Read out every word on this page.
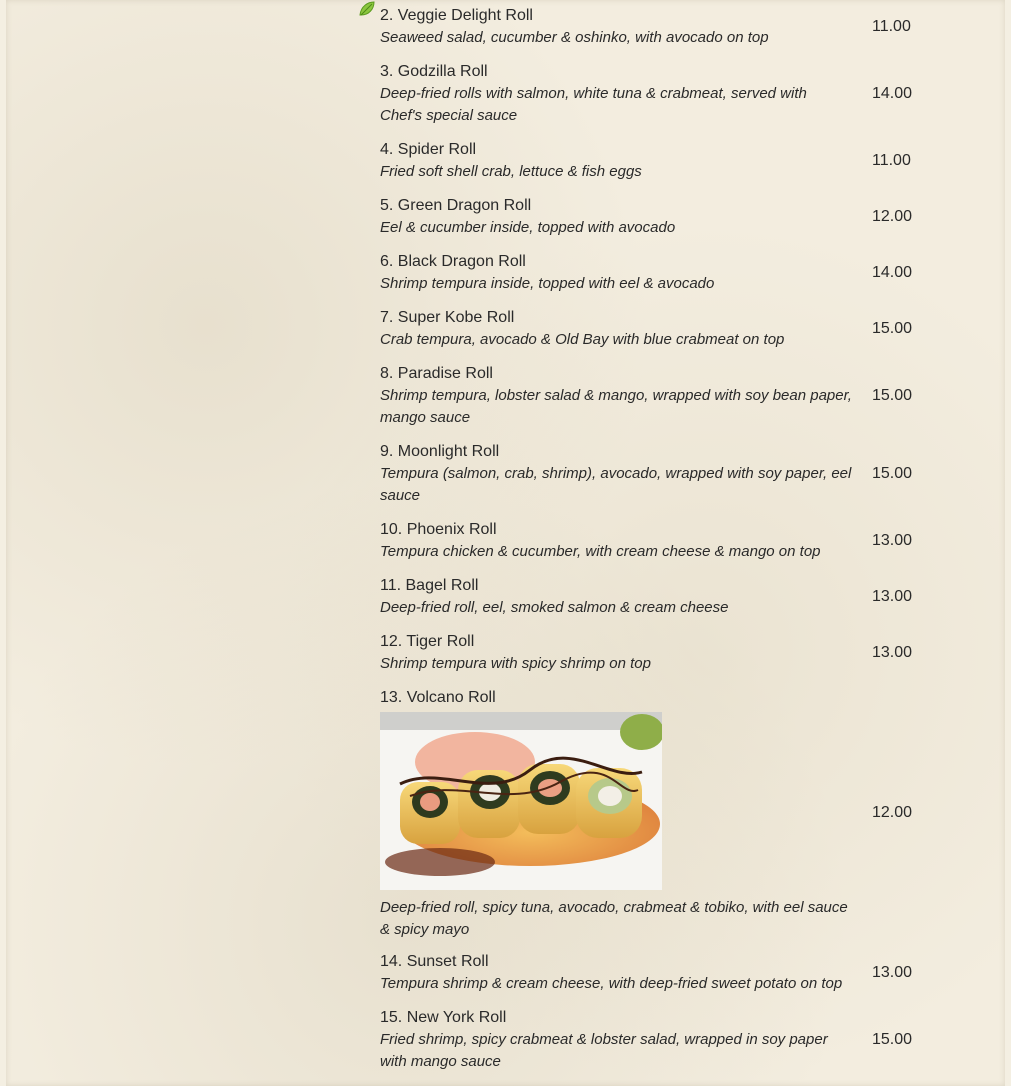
2. Veggie Delight Roll
Seaweed salad, cucumber & oshinko, with avocado on top
11.00
3. Godzilla Roll
Deep-fried rolls with salmon, white tuna & crabmeat, served with Chef's special sauce
14.00
4. Spider Roll
Fried soft shell crab, lettuce & fish eggs
11.00
5. Green Dragon Roll
Eel & cucumber inside, topped with avocado
12.00
6. Black Dragon Roll
Shrimp tempura inside, topped with eel & avocado
14.00
7. Super Kobe Roll
Crab tempura, avocado & Old Bay with blue crabmeat on top
15.00
8. Paradise Roll
Shrimp tempura, lobster salad & mango, wrapped with soy bean paper, mango sauce
15.00
9. Moonlight Roll
Tempura (salmon, crab, shrimp), avocado, wrapped with soy paper, eel sauce
15.00
10. Phoenix Roll
Tempura chicken & cucumber, with cream cheese & mango on top
13.00
11. Bagel Roll
Deep-fried roll, eel, smoked salmon & cream cheese
13.00
12. Tiger Roll
Shrimp tempura with spicy shrimp on top
13.00
13. Volcano Roll
Deep-fried roll, spicy tuna, avocado, crabmeat & tobiko, with eel sauce & spicy mayo
12.00
14. Sunset Roll
Tempura shrimp & cream cheese, with deep-fried sweet potato on top
13.00
15. New York Roll
Fried shrimp, spicy crabmeat & lobster salad, wrapped in soy paper with mango sauce
15.00
